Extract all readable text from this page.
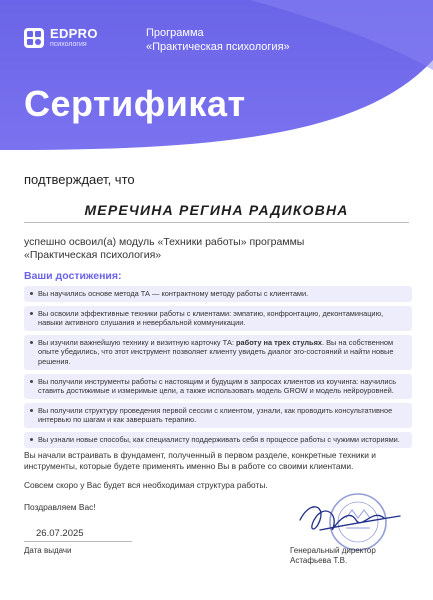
EDPRO
психология
Программа
«Практическая психология»
Сертификат
подтверждает, что
МЕРЕЧИНА РЕГИНА РАДИКОВНА
успешно освоил(а) модуль «Техники работы» программы «Практическая психология»
Ваши достижения:
Вы научились основе метода ТА — контрактному методу работы с клиентами.
Вы освоили эффективные техники работы с клиентами: эмпатию, конфронтацию, деконтаминацию, навыки активного слушания и невербальной коммуникации.
Вы изучили важнейшую технику и визитную карточку ТА: работу на трех стульях. Вы на собственном опыте убедились, что этот инструмент позволяет клиенту увидеть диалог эго-состояний и найти новые решения.
Вы получили инструменты работы с настоящим и будущим в запросах клиентов из коучинга: научились ставить достижимые и измеримые цели, а также использовать модель GROW и модель нейроуровней.
Вы получили структуру проведения первой сессии с клиентом, узнали, как проводить консультативное интервью по шагам и как завершать терапию.
Вы узнали новые способы, как специалисту поддерживать себя в процессе работы с чужими историями.
Вы начали встраивать в фундамент, полученный в первом разделе, конкретные техники и инструменты, которые будете применять именно Вы в работе со своими клиентами.
Совсем скоро у Вас будет вся необходимая структура работы.
Поздравляем Вас!
26.07.2025
Дата выдачи	Генеральный директор
Астафьева Т.В.
